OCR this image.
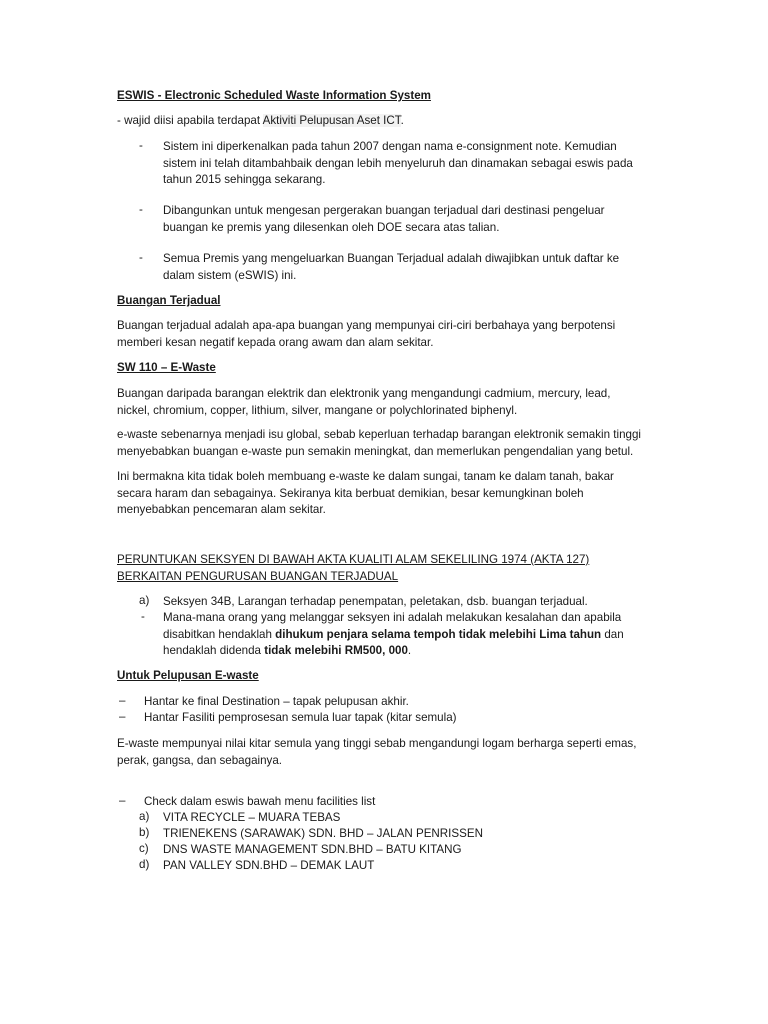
ESWIS - Electronic Scheduled Waste Information System

- wajid diisi apabila terdapat Aktiviti Pelupusan Aset ICT.

- Sistem ini diperkenalkan pada tahun 2007 dengan nama e-consignment note. Kemudian sistem ini telah ditambahbaik dengan lebih menyeluruh dan dinamakan sebagai eswis pada tahun 2015 sehingga sekarang.
- Dibangunkan untuk mengesan pergerakan buangan terjadual dari destinasi pengeluar buangan ke premis yang dilesenkan oleh DOE secara atas talian.
- Semua Premis yang mengeluarkan Buangan Terjadual adalah diwajibkan untuk daftar ke dalam sistem (eSWIS) ini.

Buangan Terjadual

Buangan terjadual adalah apa-apa buangan yang mempunyai ciri-ciri berbahaya yang berpotensi memberi kesan negatif kepada orang awam dan alam sekitar.

SW 110 – E-Waste

Buangan daripada barangan elektrik dan elektronik yang mengandungi cadmium, mercury, lead, nickel, chromium, copper, lithium, silver, mangane or polychlorinated biphenyl.

e-waste sebenarnya menjadi isu global, sebab keperluan terhadap barangan elektronik semakin tinggi menyebabkan buangan e-waste pun semakin meningkat, dan memerlukan pengendalian yang betul.

Ini bermakna kita tidak boleh membuang e-waste ke dalam sungai, tanam ke dalam tanah, bakar secara haram dan sebagainya. Sekiranya kita berbuat demikian, besar kemungkinan boleh menyebabkan pencemaran alam sekitar.

PERUNTUKAN SEKSYEN DI BAWAH AKTA KUALITI ALAM SEKELILING 1974 (AKTA 127) BERKAITAN PENGURUSAN BUANGAN TERJADUAL

a) Seksyen 34B, Larangan terhadap penempatan, peletakan, dsb. buangan terjadual.
- Mana-mana orang yang melanggar seksyen ini adalah melakukan kesalahan dan apabila disabitkan hendaklah dihukum penjara selama tempoh tidak melebihi Lima tahun dan hendaklah didenda tidak melebihi RM500, 000.

Untuk Pelupusan E-waste

– Hantar ke final Destination – tapak pelupusan akhir.
– Hantar Fasiliti pemprosesan semula luar tapak (kitar semula)

E-waste mempunyai nilai kitar semula yang tinggi sebab mengandungi logam berharga seperti emas, perak, gangsa, dan sebagainya.

– Check dalam eswis bawah menu facilities list
a) VITA RECYCLE – MUARA TEBAS
b) TRIENEKENS (SARAWAK) SDN. BHD – JALAN PENRISSEN
c) DNS WASTE MANAGEMENT SDN.BHD – BATU KITANG
d) PAN VALLEY SDN.BHD – DEMAK LAUT
